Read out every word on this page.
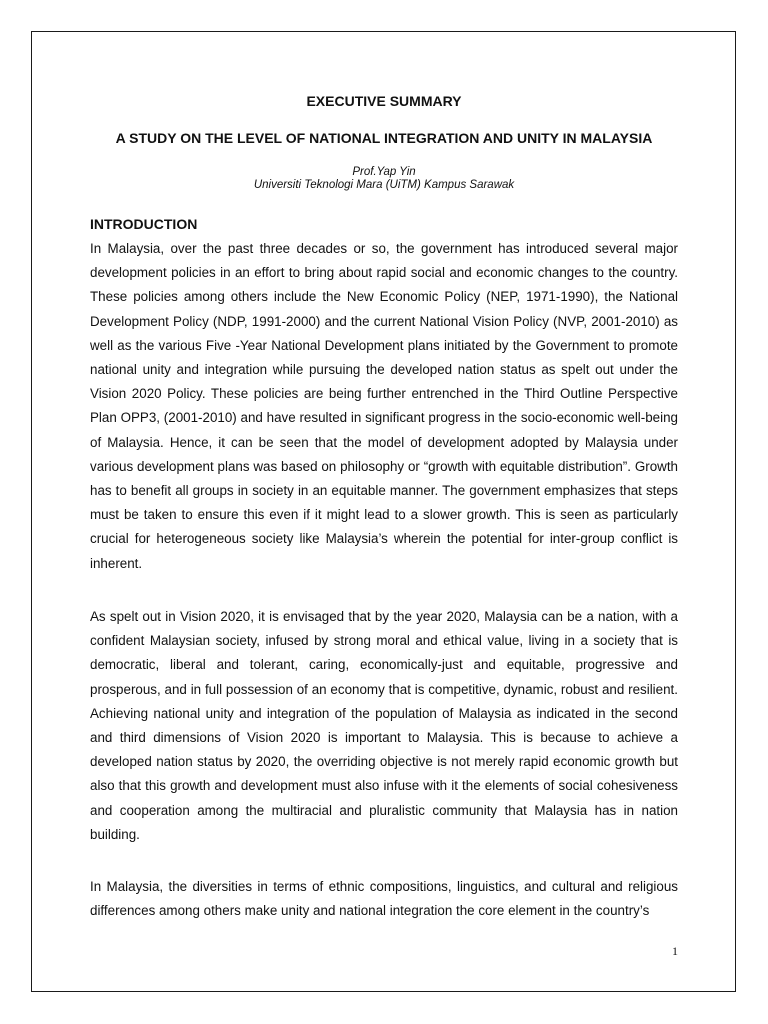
EXECUTIVE SUMMARY
A STUDY ON THE LEVEL OF NATIONAL INTEGRATION AND UNITY IN MALAYSIA

Prof.Yap Yin

Universiti Teknologi Mara (UiTM) Kampus Sarawak

INTRODUCTION

In Malaysia, over the past three decades or so, the government has introduced several major development policies in an effort to bring about rapid social and economic changes to the country. These policies among others include the New Economic Policy (NEP, 1971-1990), the National Development Policy (NDP, 1991-2000) and the current National Vision Policy (NVP, 2001-2010) as well as the various Five -Year National Development plans initiated by the Government to promote national unity and integration while pursuing the developed nation status as spelt out under the Vision 2020 Policy. These policies are being further entrenched in the Third Outline Perspective Plan OPP3, (2001-2010) and have resulted in significant progress in the socio-economic well-being of Malaysia. Hence, it can be seen that the model of development adopted by Malaysia under various development plans was based on philosophy or “growth with equitable distribution”. Growth has to benefit all groups in society in an equitable manner. The government emphasizes that steps must be taken to ensure this even if it might lead to a slower growth. This is seen as particularly crucial for heterogeneous society like Malaysia’s wherein the potential for inter-group conflict is inherent.

As spelt out in Vision 2020, it is envisaged that by the year 2020, Malaysia can be a nation, with a confident Malaysian society, infused by strong moral and ethical value, living in a society that is democratic, liberal and tolerant, caring, economically-just and equitable, progressive and prosperous, and in full possession of an economy that is competitive, dynamic, robust and resilient. Achieving national unity and integration of the population of Malaysia as indicated in the second and third dimensions of Vision 2020 is important to Malaysia. This is because to achieve a developed nation status by 2020, the overriding objective is not merely rapid economic growth but also that this growth and development must also infuse with it the elements of social cohesiveness and cooperation among the multiracial and pluralistic community that Malaysia has in nation building.

In Malaysia, the diversities in terms of ethnic compositions, linguistics, and cultural and religious differences among others make unity and national integration the core element in the country’s

1
